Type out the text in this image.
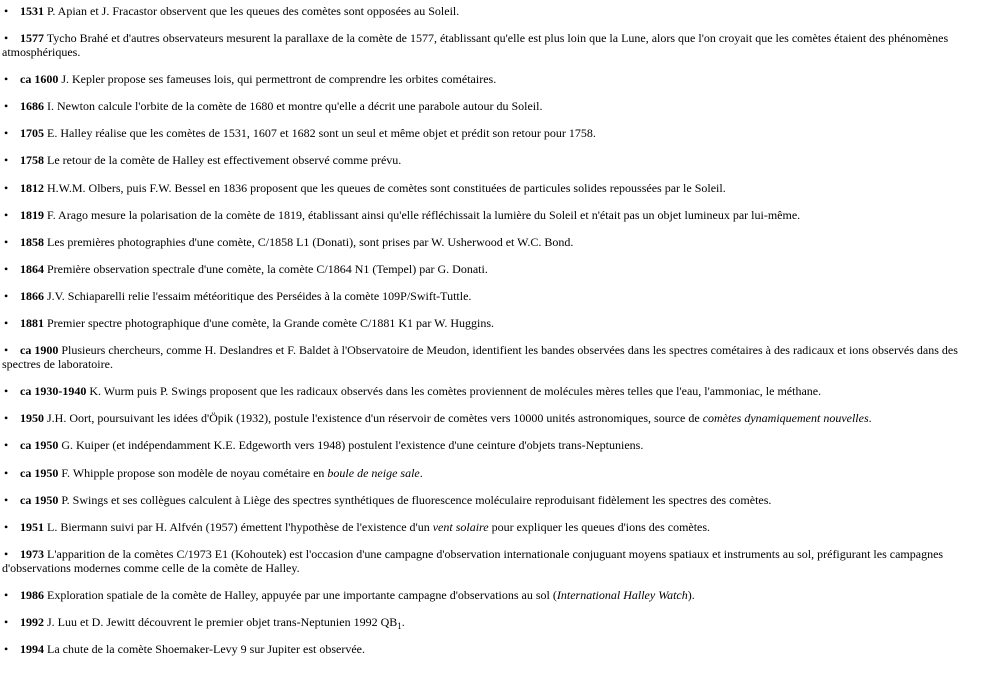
• 1531 P. Apian et J. Fracastor observent que les queues des comètes sont opposées au Soleil.
• 1577 Tycho Brahé et d'autres observateurs mesurent la parallaxe de la comète de 1577, établissant qu'elle est plus loin que la Lune, alors que l'on croyait que les comètes étaient des phénomènes atmosphériques.
• ca 1600 J. Kepler propose ses fameuses lois, qui permettront de comprendre les orbites cométaires.
• 1686 I. Newton calcule l'orbite de la comète de 1680 et montre qu'elle a décrit une parabole autour du Soleil.
• 1705 E. Halley réalise que les comètes de 1531, 1607 et 1682 sont un seul et même objet et prédit son retour pour 1758.
• 1758 Le retour de la comète de Halley est effectivement observé comme prévu.
• 1812 H.W.M. Olbers, puis F.W. Bessel en 1836 proposent que les queues de comètes sont constituées de particules solides repoussées par le Soleil.
• 1819 F. Arago mesure la polarisation de la comète de 1819, établissant ainsi qu'elle réfléchissait la lumière du Soleil et n'était pas un objet lumineux par lui-même.
• 1858 Les premières photographies d'une comète, C/1858 L1 (Donati), sont prises par W. Usherwood et W.C. Bond.
• 1864 Première observation spectrale d'une comète, la comète C/1864 N1 (Tempel) par G. Donati.
• 1866 J.V. Schiaparelli relie l'essaim météoritique des Perséides à la comète 109P/Swift-Tuttle.
• 1881 Premier spectre photographique d'une comète, la Grande comète C/1881 K1 par W. Huggins.
• ca 1900 Plusieurs chercheurs, comme H. Deslandres et F. Baldet à l'Observatoire de Meudon, identifient les bandes observées dans les spectres cométaires à des radicaux et ions observés dans des spectres de laboratoire.
• ca 1930-1940 K. Wurm puis P. Swings proposent que les radicaux observés dans les comètes proviennent de molécules mères telles que l'eau, l'ammoniac, le méthane.
• 1950 J.H. Oort, poursuivant les idées d'Öpik (1932), postule l'existence d'un réservoir de comètes vers 10000 unités astronomiques, source de comètes dynamiquement nouvelles.
• ca 1950 G. Kuiper (et indépendamment K.E. Edgeworth vers 1948) postulent l'existence d'une ceinture d'objets trans-Neptuniens.
• ca 1950 F. Whipple propose son modèle de noyau cométaire en boule de neige sale.
• ca 1950 P. Swings et ses collègues calculent à Liège des spectres synthétiques de fluorescence moléculaire reproduisant fidèlement les spectres des comètes.
• 1951 L. Biermann suivi par H. Alfvén (1957) émettent l'hypothèse de l'existence d'un vent solaire pour expliquer les queues d'ions des comètes.
• 1973 L'apparition de la comètes C/1973 E1 (Kohoutek) est l'occasion d'une campagne d'observation internationale conjuguant moyens spatiaux et instruments au sol, préfigurant les campagnes d'observations modernes comme celle de la comète de Halley.
• 1986 Exploration spatiale de la comète de Halley, appuyée par une importante campagne d'observations au sol (International Halley Watch).
• 1992 J. Luu et D. Jewitt découvrent le premier objet trans-Neptunien 1992 $QB_1$.
• 1994 La chute de la comète Shoemaker-Levy 9 sur Jupiter est observée.
